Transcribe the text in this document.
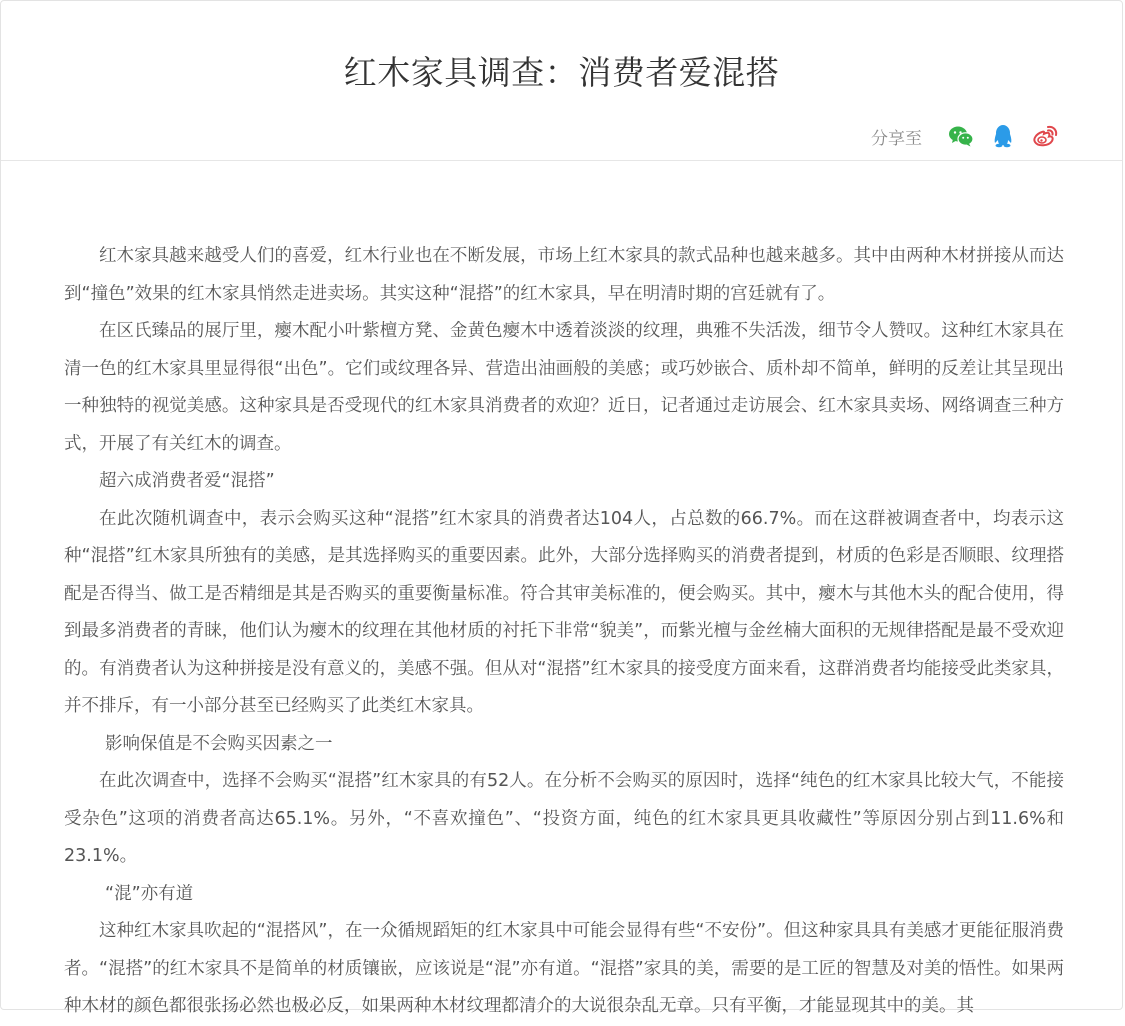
红木家具调查：消费者爱混搭
分享至

红木家具越来越受人们的喜爱，红木行业也在不断发展，市场上红木家具的款式品种也越来越多。其中由两种木材拼接从而达到“撞色”效果的红木家具悄然走进卖场。其实这种“混搭”的红木家具，早在明清时期的宫廷就有了。

在区氏臻品的展厅里，瘿木配小叶紫檀方凳、金黄色瘿木中透着淡淡的纹理，典雅不失活泼，细节令人赞叹。这种红木家具在清一色的红木家具里显得很“出色”。它们或纹理各异、营造出油画般的美感；或巧妙嵌合、质朴却不简单，鲜明的反差让其呈现出一种独特的视觉美感。这种家具是否受现代的红木家具消费者的欢迎？近日，记者通过走访展会、红木家具卖场、网络调查三种方式，开展了有关红木的调查。

超六成消费者爱“混搭”

在此次随机调查中，表示会购买这种“混搭”红木家具的消费者达104人，占总数的66.7%。而在这群被调查者中，均表示这种“混搭”红木家具所独有的美感，是其选择购买的重要因素。此外，大部分选择购买的消费者提到，材质的色彩是否顺眼、纹理搭配是否得当、做工是否精细是其是否购买的重要衡量标准。符合其审美标准的，便会购买。其中，瘿木与其他木头的配合使用，得到最多消费者的青睐，他们认为瘿木的纹理在其他材质的衬托下非常“貌美”，而紫光檀与金丝楠大面积的无规律搭配是最不受欢迎的。有消费者认为这种拼接是没有意义的，美感不强。但从对“混搭”红木家具的接受度方面来看，这群消费者均能接受此类家具，并不排斥，有一小部分甚至已经购买了此类红木家具。

影响保值是不会购买因素之一

在此次调查中，选择不会购买“混搭”红木家具的有52人。在分析不会购买的原因时，选择“纯色的红木家具比较大气，不能接受杂色”这项的消费者高达65.1%。另外，“不喜欢撞色”、“投资方面，纯色的红木家具更具收藏性”等原因分别占到11.6%和23.1%。

“混”亦有道

这种红木家具吹起的“混搭风”，在一众循规蹈矩的红木家具中可能会显得有些“不安份”。但这种家具具有美感才更能征服消费者。“混搭”的红木家具不是简单的材质镶嵌，应该说是“混”亦有道。“混搭”家具的美，需要的是工匠的智慧及对美的悟性。如果两种木材的颜色都很张扬必然也极必反，如果两种木材纹理都清介的大说很杂乱无章。只有平衡，才能显现其中的美。其
